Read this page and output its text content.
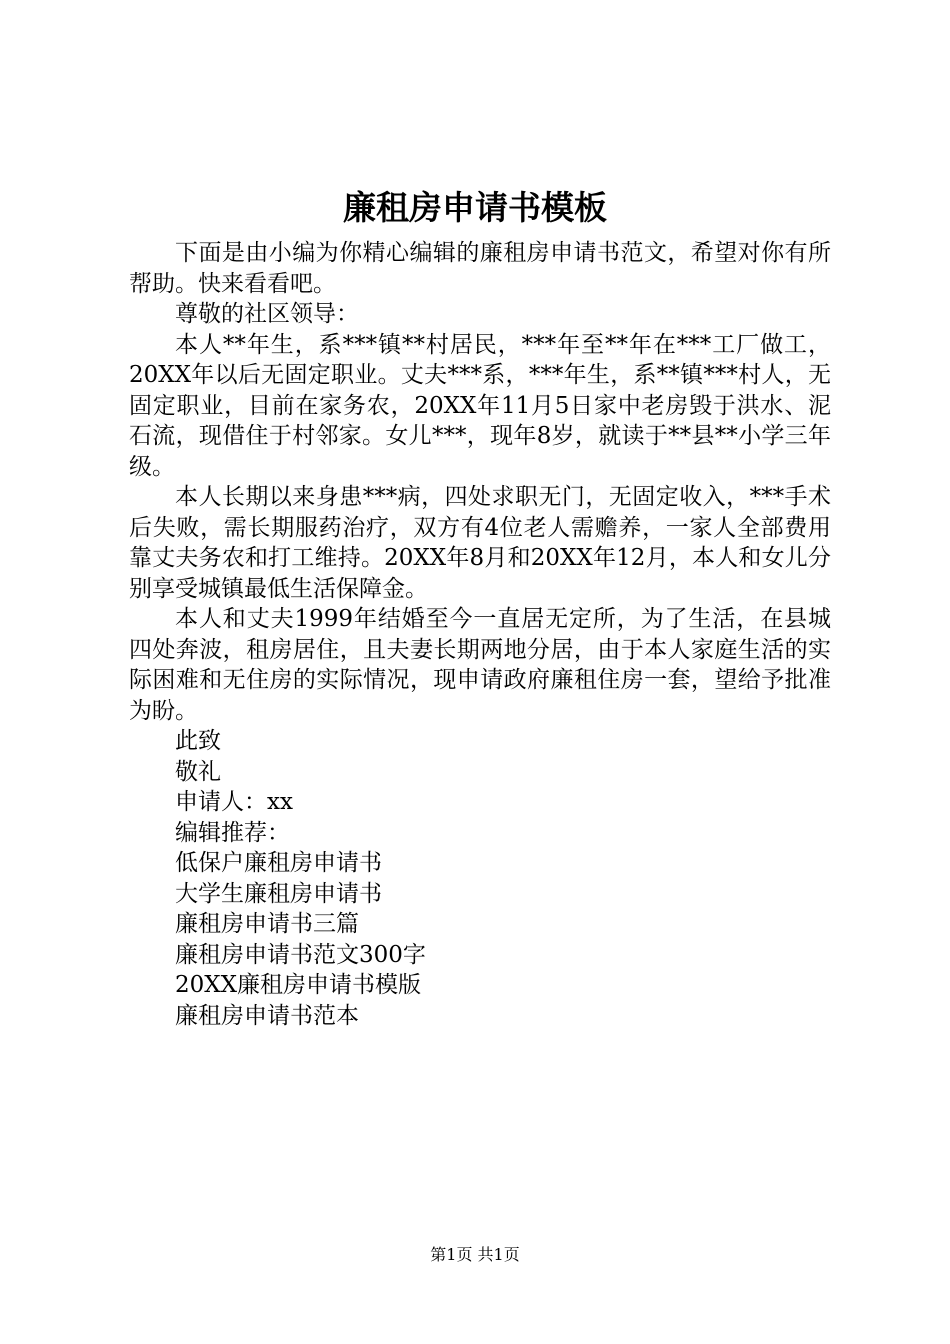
廉租房申请书模板

下面是由小编为你精心编辑的廉租房申请书范文，希望对你有所帮助。快来看看吧。

尊敬的社区领导：

本人**年生，系***镇**村居民，***年至**年在***工厂做工，20XX年以后无固定职业。丈夫***系，***年生，系**镇***村人，无固定职业，目前在家务农，20XX年11月5日家中老房毁于洪水、泥石流，现借住于村邻家。女儿***，现年8岁，就读于**县**小学三年级。

本人长期以来身患***病，四处求职无门，无固定收入，***手术后失败，需长期服药治疗，双方有4位老人需赡养，一家人全部费用靠丈夫务农和打工维持。20XX年8月和20XX年12月，本人和女儿分别享受城镇最低生活保障金。

本人和丈夫1999年结婚至今一直居无定所，为了生活，在县城四处奔波，租房居住，且夫妻长期两地分居，由于本人家庭生活的实际困难和无住房的实际情况，现申请政府廉租住房一套，望给予批准为盼。

此致
敬礼
申请人：xx
编辑推荐：
低保户廉租房申请书
大学生廉租房申请书
廉租房申请书三篇
廉租房申请书范文300字
20XX廉租房申请书模版
廉租房申请书范本
第1页 共1页
